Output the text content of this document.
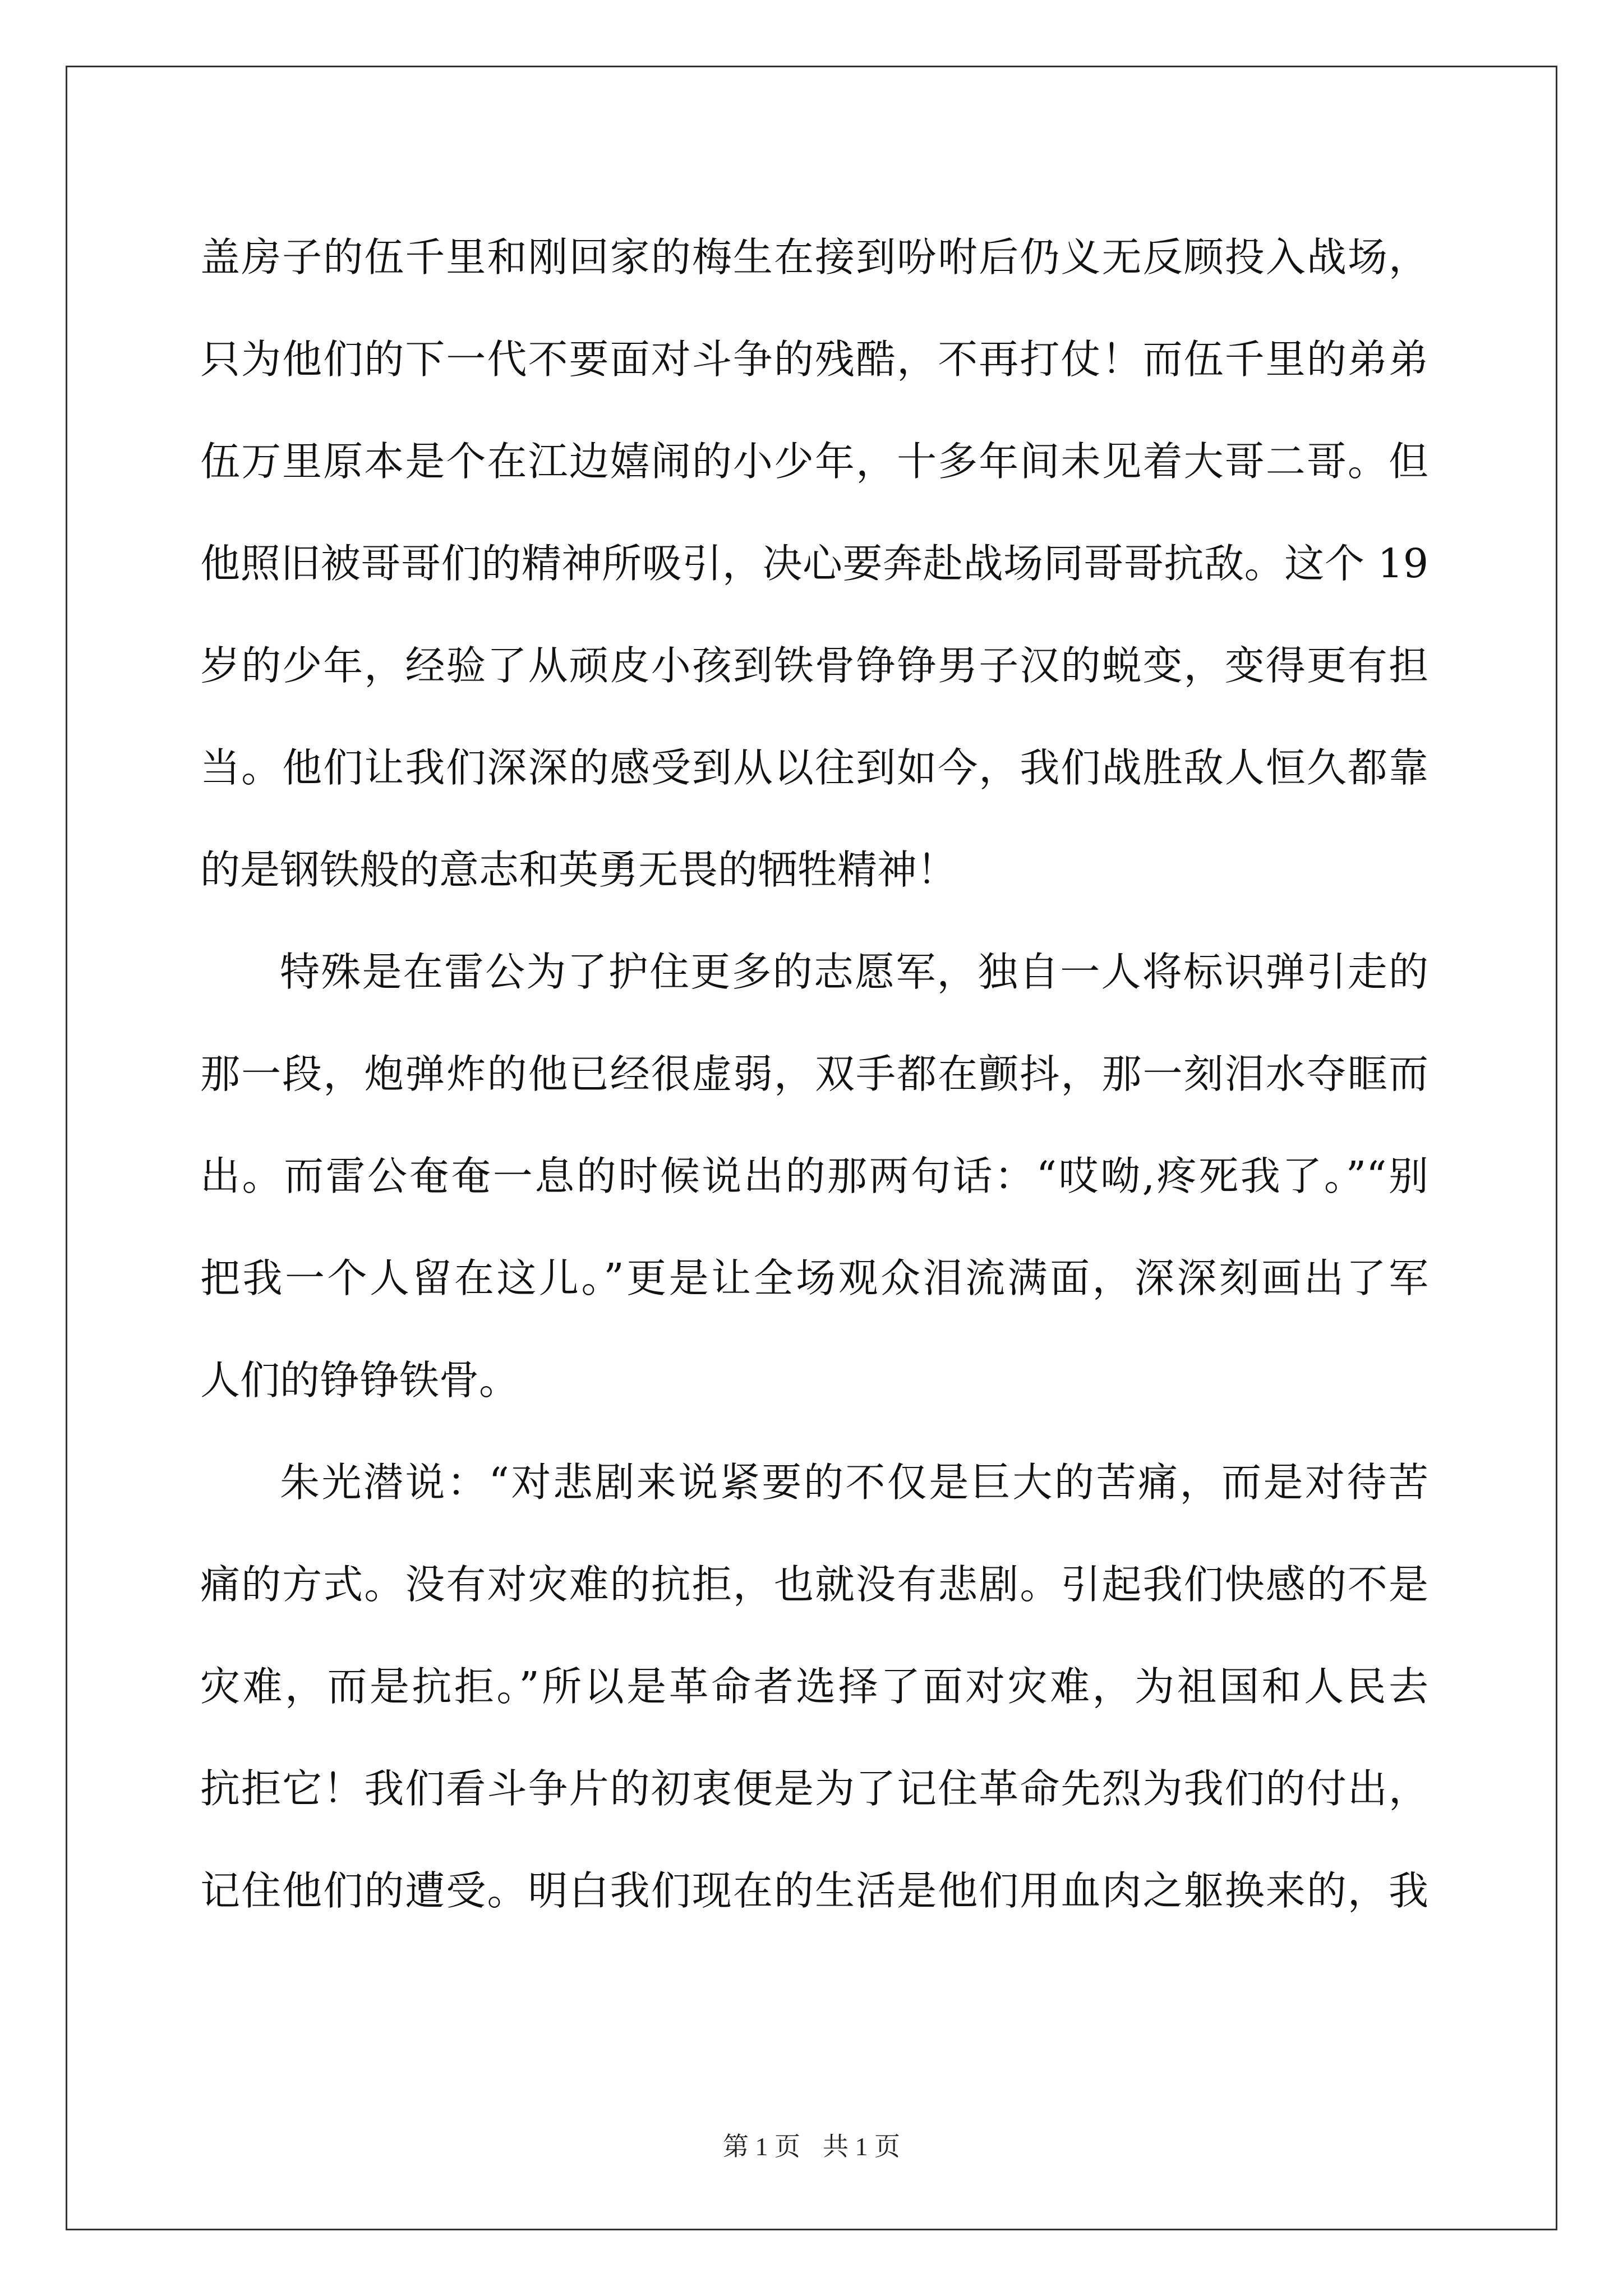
盖房子的伍千里和刚回家的梅生在接到吩咐后仍义无反顾投入战场，
只为他们的下一代不要面对斗争的残酷，不再打仗！而伍千里的弟弟
伍万里原本是个在江边嬉闹的小少年，十多年间未见着大哥二哥。但
他照旧被哥哥们的精神所吸引，决心要奔赴战场同哥哥抗敌。这个 19
岁的少年，经验了从顽皮小孩到铁骨铮铮男子汉的蜕变，变得更有担
当。他们让我们深深的感受到从以往到如今，我们战胜敌人恒久都靠
的是钢铁般的意志和英勇无畏的牺牲精神！
特殊是在雷公为了护住更多的志愿军，独自一人将标识弹引走的
那一段，炮弹炸的他已经很虚弱，双手都在颤抖，那一刻泪水夺眶而
出。而雷公奄奄一息的时候说出的那两句话：“哎呦,疼死我了。”“别
把我一个人留在这儿。”更是让全场观众泪流满面，深深刻画出了军
人们的铮铮铁骨。
朱光潜说：“对悲剧来说紧要的不仅是巨大的苦痛，而是对待苦
痛的方式。没有对灾难的抗拒，也就没有悲剧。引起我们快感的不是
灾难，而是抗拒。”所以是革命者选择了面对灾难，为祖国和人民去
抗拒它！我们看斗争片的初衷便是为了记住革命先烈为我们的付出，
记住他们的遭受。明白我们现在的生活是他们用血肉之躯换来的，我
第 1 页 共 1 页
